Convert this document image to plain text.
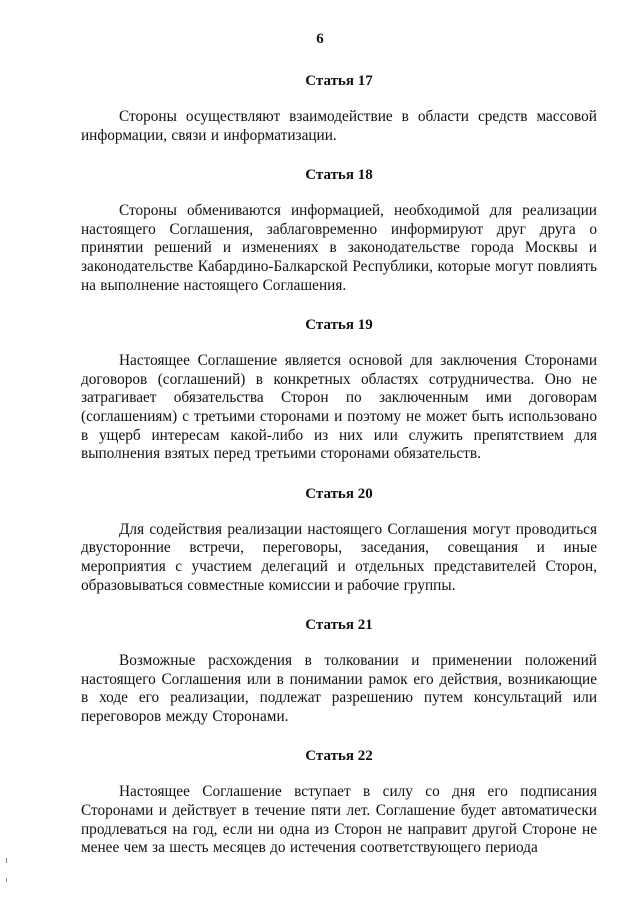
6
Статья 17

Стороны осуществляют взаимодействие в области средств массовой информации, связи и информатизации.

Статья 18

Стороны обмениваются информацией, необходимой для реализации настоящего Соглашения, заблаговременно информируют друг друга о принятии решений и изменениях в законодательстве города Москвы и законодательстве Кабардино-Балкарской Республики, которые могут повлиять на выполнение настоящего Соглашения.

Статья 19

Настоящее Соглашение является основой для заключения Сторонами договоров (соглашений) в конкретных областях сотрудничества. Оно не затрагивает обязательства Сторон по заключенным ими договорам (соглашениям) с третьими сторонами и поэтому не может быть использовано в ущерб интересам какой-либо из них или служить препятствием для выполнения взятых перед третьими сторонами обязательств.

Статья 20

Для содействия реализации настоящего Соглашения могут проводиться двусторонние встречи, переговоры, заседания, совещания и иные мероприятия с участием делегаций и отдельных представителей Сторон, образовываться совместные комиссии и рабочие группы.

Статья 21

Возможные расхождения в толковании и применении положений настоящего Соглашения или в понимании рамок его действия, возникающие в ходе его реализации, подлежат разрешению путем консультаций или переговоров между Сторонами.

Статья 22

Настоящее Соглашение вступает в силу со дня его подписания Сторонами и действует в течение пяти лет. Соглашение будет автоматически продлеваться на год, если ни одна из Сторон не направит другой Стороне не менее чем за шесть месяцев до истечения соответствующего периода
